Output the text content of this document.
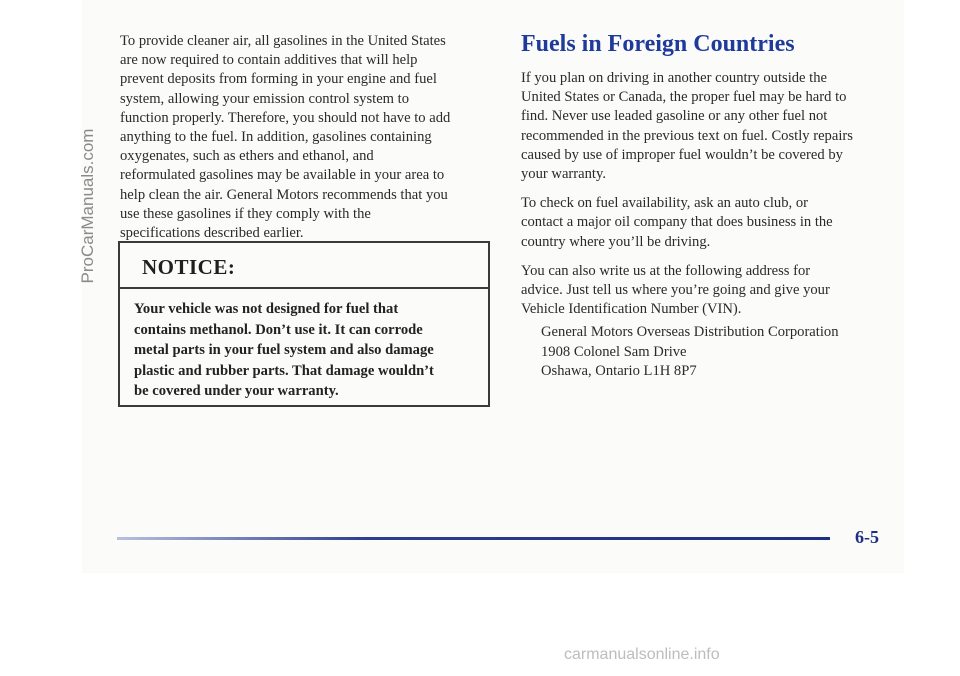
ProCarManuals.com

To provide cleaner air, all gasolines in the United States
are now required to contain additives that will help
prevent deposits from forming in your engine and fuel
system, allowing your emission control system to
function properly. Therefore, you should not have to add
anything to the fuel. In addition, gasolines containing
oxygenates, such as ethers and ethanol, and
reformulated gasolines may be available in your area to
help clean the air. General Motors recommends that you
use these gasolines if they comply with the
specifications described earlier.

NOTICE:
Your vehicle was not designed for fuel that
contains methanol. Don’t use it. It can corrode
metal parts in your fuel system and also damage
plastic and rubber parts. That damage wouldn’t
be covered under your warranty.
Fuels in Foreign Countries

If you plan on driving in another country outside the
United States or Canada, the proper fuel may be hard to
find. Never use leaded gasoline or any other fuel not
recommended in the previous text on fuel. Costly repairs
caused by use of improper fuel wouldn’t be covered by
your warranty.

To check on fuel availability, ask an auto club, or
contact a major oil company that does business in the
country where you’ll be driving.

You can also write us at the following address for
advice. Just tell us where you’re going and give your
Vehicle Identification Number (VIN).

General Motors Overseas Distribution Corporation
1908 Colonel Sam Drive
Oshawa, Ontario L1H 8P7
6-5
carmanualsonline.info
